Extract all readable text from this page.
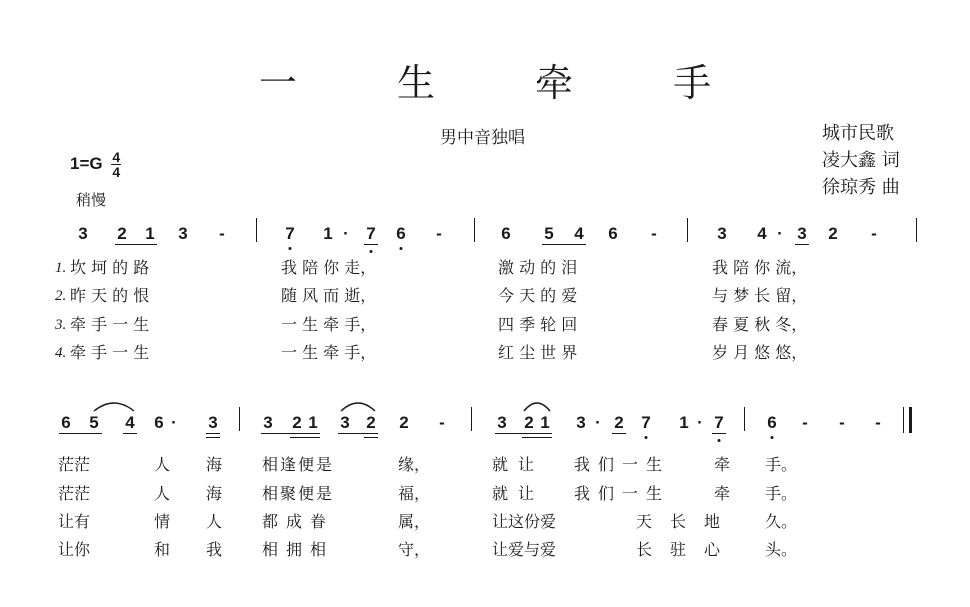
一 生 牵 手
男中音独唱	城市民歌
凌大鑫 词
徐琼秀 曲
$1=G \frac{4}{4}$
稍慢
3 2 1 3 -	7 1 · 7 6 -	6 5 4 6 -	3 4 · 3 2 -
1. 坎 坷 的 路	我 陪 你 走，	激 动 的 泪	我 陪 你 流，
2. 昨 天 的 恨	随 风 而 逝，	今 天 的 爱	与 梦 长 留，
3. 牵 手 一 生	一 生 牵 手，	四 季 轮 回	春 夏 秋 冬，
4. 牵 手 一 生	一 生 牵 手，	红 尘 世 界	岁 月 悠 悠，
6 5 4 6 · 3	3 2 1 3 2 2 -	3 2 1 3 · 2 7 1 · 7	6 - - -
茫茫	人 海 相逢便是	缘，	就让 我们一生	牵 手。
茫茫	人 海 相聚便是	福，	就让 我们一生	牵 手。
让有	情 人 都成眷	属，	让这份爱	天长地 久。
让你	和 我 相拥相	守，	让爱与爱	长驻心 头。
